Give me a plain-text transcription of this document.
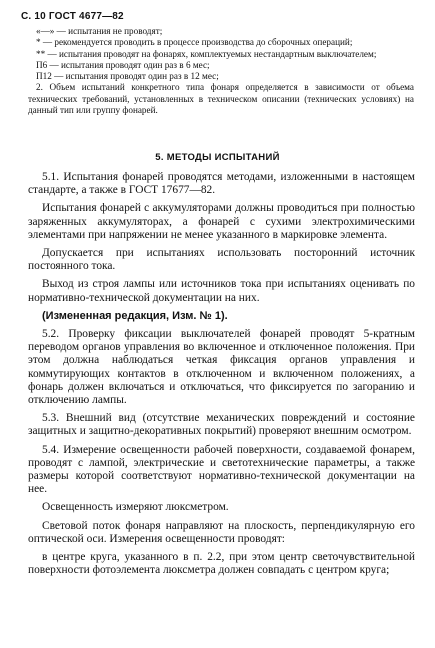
С. 10 ГОСТ 4677—82

«—» — испытания не проводят;

* — рекомендуется проводить в процессе производства до сборочных операций;

** — испытания проводят на фонарях, комплектуемых нестандартным выключателем;

П6 — испытания проводят один раз в 6 мес;

П12 — испытания проводят один раз в 12 мес;

2. Объем испытаний конкретного типа фонаря определяется в зависимости от объема технических требований, установленных в техническом описании (технических условиях) на данный тип или группу фонарей.

5. МЕТОДЫ ИСПЫТАНИЙ

5.1. Испытания фонарей проводятся методами, изложенными в настоящем стандарте, а также в ГОСТ 17677—82.

Испытания фонарей с аккумуляторами должны проводиться при полностью заряженных аккумуляторах, а фонарей с сухими электрохимическими элементами при напряжении не менее указанного в маркировке элемента.

Допускается при испытаниях использовать посторонний источник постоянного тока.

Выход из строя лампы или источников тока при испытаниях оценивать по нормативно-технической документации на них.

(Измененная редакция, Изм. № 1).

5.2. Проверку фиксации выключателей фонарей проводят 5-кратным переводом органов управления во включенное и отключенное положения. При этом должна наблюдаться четкая фиксация органов управления и коммутирующих контактов в отключенном и включенном положениях, а фонарь должен включаться и отключаться, что фиксируется по загоранию и отключению лампы.

5.3. Внешний вид (отсутствие механических повреждений и состояние защитных и защитно-декоративных покрытий) проверяют внешним осмотром.

5.4. Измерение освещенности рабочей поверхности, создаваемой фонарем, проводят с лампой, электрические и светотехнические параметры, а также размеры которой соответствуют нормативно-технической документации на нее.

Освещенность измеряют люксметром.

Световой поток фонаря направляют на плоскость, перпендикулярную его оптической оси. Измерения освещенности проводят:

в центре круга, указанного в п. 2.2, при этом центр светочувствительной поверхности фотоэлемента люксметра должен совпадать с центром круга;
